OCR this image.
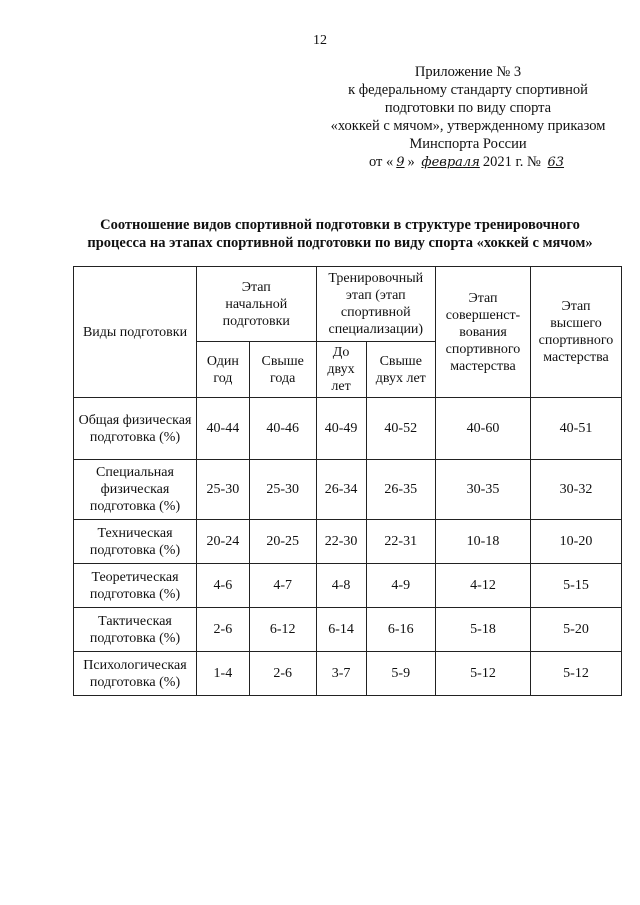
12
Приложение № 3
к федеральному стандарту спортивной
подготовки по виду спорта
«хоккей с мячом», утвержденному приказом
Минспорта России
от « 9 » февраля 2021 г. № 63
Соотношение видов спортивной подготовки в структуре тренировочного
процесса на этапах спортивной подготовки по виду спорта «хоккей с мячом»
Виды подготовки	Этап начальной подготовки		Тренировочный этап (этап спортивной специализации)		Этап совершенст-вования спортивного мастерства	Этап высшего спортивного мастерства
	Один год	Свыше года	До двух лет	Свыше двух лет		
Общая физическая подготовка (%)	40-44	40-46	40-49	40-52	40-60	40-51
Специальная физическая подготовка (%)	25-30	25-30	26-34	26-35	30-35	30-32
Техническая подготовка (%)	20-24	20-25	22-30	22-31	10-18	10-20
Теоретическая подготовка (%)	4-6	4-7	4-8	4-9	4-12	5-15
Тактическая подготовка (%)	2-6	6-12	6-14	6-16	5-18	5-20
Психологическая подготовка (%)	1-4	2-6	3-7	5-9	5-12	5-12
